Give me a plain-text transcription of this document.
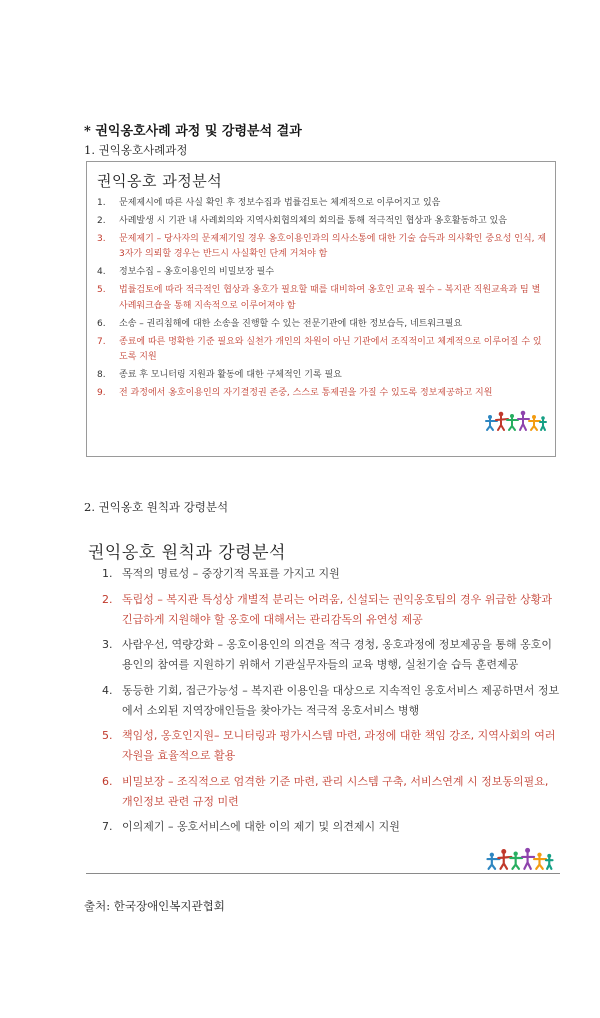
* 권익옹호사례 과정 및 강령분석 결과
1. 권익옹호사례과정
권익옹호 과정분석
1. 문제제시에 따른 사실 확인 후 정보수집과 법률검토는 체계적으로 이루어지고 있음
2. 사례발생 시 기관 내 사례회의와 지역사회협의체의 회의를 통해 적극적인 협상과 옹호활동하고 있음
3. 문제제기 – 당사자의 문제제기일 경우 옹호이용인과의 의사소통에 대한 기술 습득과 의사확인 중요성 인식, 제 3자가 의뢰할 경우는 반드시 사실확인 단계 거쳐야 함
4. 정보수집 – 옹호이용인의 비밀보장 필수
5. 법률검토에 따라 적극적인 협상과 옹호가 필요할 때를 대비하여 옹호인 교육 필수 – 복지관 직원교육과 팀 별 사례워크숍을 통해 지속적으로 이루어져야 함
6. 소송 – 권리침해에 대한 소송을 진행할 수 있는 전문기관에 대한 정보습득, 네트워크필요
7. 종료에 따른 명확한 기준 필요와 실천가 개인의 차원이 아닌 기관에서 조직적이고 체계적으로 이루어질 수 있도록 지원
8. 종료 후 모니터링 지원과 활동에 대한 구체적인 기록 필요
9. 전 과정에서 옹호이용인의 자기결정권 존중, 스스로 통제권을 가질 수 있도록 정보제공하고 지원
2. 권익옹호 원칙과 강령분석
권익옹호 원칙과 강령분석
1. 목적의 명료성 – 중장기적 목표를 가지고 지원
2. 독립성 – 복지관 특성상 개별적 분리는 어려움, 신설되는 권익옹호팀의 경우 위급한 상황과 긴급하게 지원해야 할 옹호에 대해서는 관리감독의 유연성 제공
3. 사람우선, 역량강화 – 옹호이용인의 의견을 적극 경청, 옹호과정에 정보제공을 통해 옹호이용인의 참여를 지원하기 위해서 기관실무자들의 교육 병행, 실천기술 습득 훈련제공
4. 동등한 기회, 접근가능성 – 복지관 이용인을 대상으로 지속적인 옹호서비스 제공하면서 정보에서 소외된 지역장애인들을 찾아가는 적극적 옹호서비스 병행
5. 책임성, 옹호인지원– 모니터링과 평가시스템 마련, 과정에 대한 책임 강조, 지역사회의 여러 자원을 효율적으로 활용
6. 비밀보장 – 조직적으로 엄격한 기준 마련, 관리 시스템 구축, 서비스연계 시 정보동의필요, 개인정보 관련 규정 미련
7. 이의제기 – 옹호서비스에 대한 이의 제기 및 의견제시 지원
출처: 한국장애인복지관협회
